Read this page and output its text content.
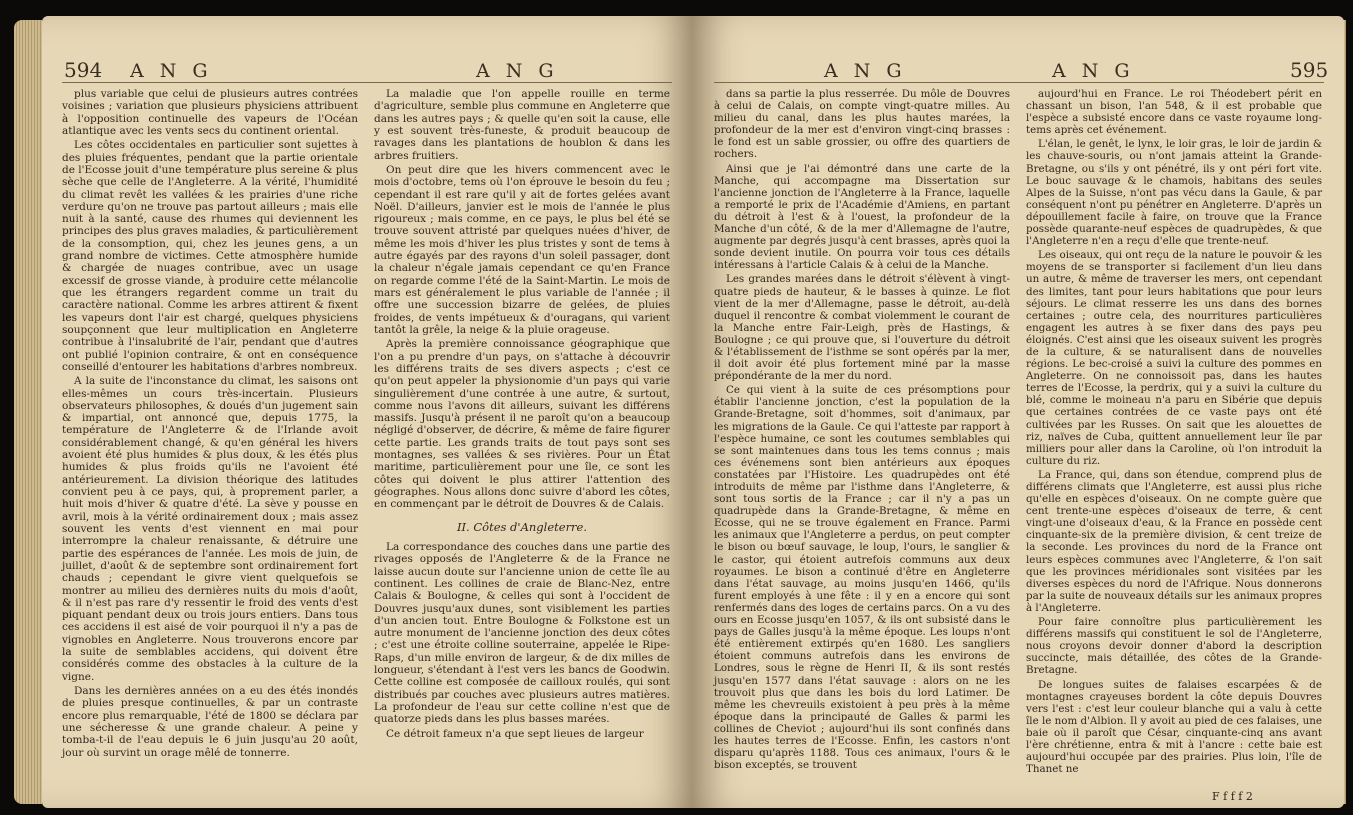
594 A N G	A N G

plus variable que celui de plusieurs autres contrées voisines ; variation que plusieurs physiciens attribuent à l'opposition continuelle des vapeurs de l'Océan atlantique avec les vents secs du continent oriental.

Les côtes occidentales en particulier sont sujettes à des pluies fréquentes, pendant que la partie orientale de l'Ecosse jouit d'une température plus sereine & plus sèche que celle de l'Angleterre. A la vérité, l'humidité du climat revêt les vallées & les prairies d'une riche verdure qu'on ne trouve pas partout ailleurs ; mais elle nuit à la santé, cause des rhumes qui deviennent les principes des plus graves maladies, & particulièrement de la consomption, qui, chez les jeunes gens, a un grand nombre de victimes. Cette atmosphère humide & chargée de nuages contribue, avec un usage excessif de grosse viande, à produire cette mélancolie que les étrangers regardent comme un trait du caractère national. Comme les arbres attirent & fixent les vapeurs dont l'air est chargé, quelques physiciens soupçonnent que leur multiplication en Angleterre contribue à l'insalubrité de l'air, pendant que d'autres ont publié l'opinion contraire, & ont en conséquence conseillé d'entourer les habitations d'arbres nombreux.

A la suite de l'inconstance du climat, les saisons ont elles-mêmes un cours très-incertain. Plusieurs observateurs philosophes, & doués d'un jugement sain & impartial, ont annoncé que, depuis 1775, la température de l'Angleterre & de l'Irlande avoit considérablement changé, & qu'en général les hivers avoient été plus humides & plus doux, & les étés plus humides & plus froids qu'ils ne l'avoient été antérieurement. La division théorique des latitudes convient peu à ce pays, qui, à proprement parler, a huit mois d'hiver & quatre d'été. La sève y pousse en avril, mois à la vérité ordinairement doux ; mais assez souvent les vents d'est viennent en mai pour interrompre la chaleur renaissante, & détruire une partie des espérances de l'année. Les mois de juin, de juillet, d'août & de septembre sont ordinairement fort chauds ; cependant le givre vient quelquefois se montrer au milieu des dernières nuits du mois d'août, & il n'est pas rare d'y ressentir le froid des vents d'est piquant pendant deux ou trois jours entiers. Dans tous ces accidens il est aisé de voir pourquoi il n'y a pas de vignobles en Angleterre. Nous trouverons encore par la suite de semblables accidens, qui doivent être considérés comme des obstacles à la culture de la vigne.

Dans les dernières années on a eu des étés inondés de pluies presque continuelles, & par un contraste encore plus remarquable, l'été de 1800 se déclara par une sécheresse & une grande chaleur. A peine y tomba-t-il de l'eau depuis le 6 juin jusqu'au 20 août, jour où survint un orage mêlé de tonnerre.

La maladie que l'on appelle rouille en terme d'agriculture, semble plus commune en Angleterre que dans les autres pays ; & quelle qu'en soit la cause, elle y est souvent très-funeste, & produit beaucoup de ravages dans les plantations de houblon & dans les arbres fruitiers.

On peut dire que les hivers commencent avec le mois d'octobre, tems où l'on éprouve le besoin du feu ; cependant il est rare qu'il y ait de fortes gelées avant Noël. D'ailleurs, janvier est le mois de l'année le plus rigoureux ; mais comme, en ce pays, le plus bel été se trouve souvent attristé par quelques nuées d'hiver, de même les mois d'hiver les plus tristes y sont de tems à autre égayés par des rayons d'un soleil passager, dont la chaleur n'égale jamais cependant ce qu'en France on regarde comme l'été de la Saint-Martin. Le mois de mars est généralement le plus variable de l'année ; il offre une succession bizarre de gelées, de pluies froides, de vents impétueux & d'ouragans, qui varient tantôt la grêle, la neige & la pluie orageuse.

Après la première connoissance géographique que l'on a pu prendre d'un pays, on s'attache à découvrir les différens traits de ses divers aspects ; c'est ce qu'on peut appeler la physionomie d'un pays qui varie singulièrement d'une contrée à une autre, & surtout, comme nous l'avons dit ailleurs, suivant les différens massifs. Jusqu'à présent il ne paroît qu'on a beaucoup négligé d'observer, de décrire, & même de faire figurer cette partie. Les grands traits de tout pays sont ses montagnes, ses vallées & ses rivières. Pour un État maritime, particulièrement pour une île, ce sont les côtes qui doivent le plus attirer l'attention des géographes. Nous allons donc suivre d'abord les côtes, en commençant par le détroit de Douvres & de Calais.

II. Côtes d'Angleterre.

La correspondance des couches dans une partie des rivages opposés de l'Angleterre & de la France ne laisse aucun doute sur l'ancienne union de cette île au continent. Les collines de craie de Blanc-Nez, entre Calais & Boulogne, & celles qui sont à l'occident de Douvres jusqu'aux dunes, sont visiblement les parties d'un ancien tout. Entre Boulogne & Folkstone est un autre monument de l'ancienne jonction des deux côtes ; c'est une étroite colline souterraine, appelée le Ripe-Raps, d'un mille environ de largeur, & de dix milles de longueur, s'étendant à l'est vers les bancs de Goodwin. Cette colline est composée de cailloux roulés, qui sont distribués par couches avec plusieurs autres matières. La profondeur de l'eau sur cette colline n'est que de quatorze pieds dans les plus basses marées.

Ce détroit fameux n'a que sept lieues de largeur

A N G	A N G	595

dans sa partie la plus resserrée. Du môle de Douvres à celui de Calais, on compte vingt-quatre milles. Au milieu du canal, dans les plus hautes marées, la profondeur de la mer est d'environ vingt-cinq brasses : le fond est un sable grossier, ou offre des quartiers de rochers.

Ainsi que je l'ai démontré dans une carte de la Manche, qui accompagne ma Dissertation sur l'ancienne jonction de l'Angleterre à la France, laquelle a remporté le prix de l'Académie d'Amiens, en partant du détroit à l'est & à l'ouest, la profondeur de la Manche d'un côté, & de la mer d'Allemagne de l'autre, augmente par degrés jusqu'à cent brasses, après quoi la sonde devient inutile. On pourra voir tous ces détails intéressans à l'article Calais & à celui de la Manche.

Les grandes marées dans le détroit s'élèvent à vingt-quatre pieds de hauteur, & le basses à quinze. Le flot vient de la mer d'Allemagne, passe le détroit, au-delà duquel il rencontre & combat violemment le courant de la Manche entre Fair-Leigh, près de Hastings, & Boulogne ; ce qui prouve que, si l'ouverture du détroit & l'établissement de l'isthme se sont opérés par la mer, il doit avoir été plus fortement miné par la masse prépondérante de la mer du nord.

Ce qui vient à la suite de ces présomptions pour établir l'ancienne jonction, c'est la population de la Grande-Bretagne, soit d'hommes, soit d'animaux, par les migrations de la Gaule. Ce qui l'atteste par rapport à l'espèce humaine, ce sont les coutumes semblables qui se sont maintenues dans tous les tems connus ; mais ces événemens sont bien antérieurs aux époques constatées par l'Histoire. Les quadrupèdes ont été introduits de même par l'isthme dans l'Angleterre, & sont tous sortis de la France ; car il n'y a pas un quadrupède dans la Grande-Bretagne, & même en Ecosse, qui ne se trouve également en France. Parmi les animaux que l'Angleterre a perdus, on peut compter le bison ou bœuf sauvage, le loup, l'ours, le sanglier & le castor, qui étoient autrefois communs aux deux royaumes. Le bison a continué d'être en Angleterre dans l'état sauvage, au moins jusqu'en 1466, qu'ils furent employés à une fête : il y en a encore qui sont renfermés dans des loges de certains parcs. On a vu des ours en Ecosse jusqu'en 1057, & ils ont subsisté dans le pays de Galles jusqu'à la même époque. Les loups n'ont été entièrement extirpés qu'en 1680. Les sangliers étoient communs autrefois dans les environs de Londres, sous le règne de Henri II, & ils sont restés jusqu'en 1577 dans l'état sauvage : alors on ne les trouvoit plus que dans les bois du lord Latimer. De même les chevreuils existoient à peu près à la même époque dans la principauté de Galles & parmi les collines de Cheviot ; aujourd'hui ils sont confinés dans les hautes terres de l'Ecosse. Enfin, les castors n'ont disparu qu'après 1188. Tous ces animaux, l'ours & le bison exceptés, se trouvent

aujourd'hui en France. Le roi Théodebert périt en chassant un bison, l'an 548, & il est probable que l'espèce a subsisté encore dans ce vaste royaume long-tems après cet événement.

L'élan, le genêt, le lynx, le loir gras, le loir de jardin & les chauve-souris, ou n'ont jamais atteint la Grande-Bretagne, ou s'ils y ont pénétré, ils y ont péri fort vite. Le bouc sauvage & le chamois, habitans des seules Alpes de la Suisse, n'ont pas vécu dans la Gaule, & par conséquent n'ont pu pénétrer en Angleterre. D'après un dépouillement facile à faire, on trouve que la France possède quarante-neuf espèces de quadrupèdes, & que l'Angleterre n'en a reçu d'elle que trente-neuf.

Les oiseaux, qui ont reçu de la nature le pouvoir & les moyens de se transporter si facilement d'un lieu dans un autre, & même de traverser les mers, ont cependant des limites, tant pour leurs habitations que pour leurs séjours. Le climat resserre les uns dans des bornes certaines ; outre cela, des nourritures particulières engagent les autres à se fixer dans des pays peu éloignés. C'est ainsi que les oiseaux suivent les progrès de la culture, & se naturalisent dans de nouvelles régions. Le bec-croisé a suivi la culture des pommes en Angleterre. On ne connoissoit pas, dans les hautes terres de l'Ecosse, la perdrix, qui y a suivi la culture du blé, comme le moineau n'a paru en Sibérie que depuis que certaines contrées de ce vaste pays ont été cultivées par les Russes. On sait que les alouettes de riz, naïves de Cuba, quittent annuellement leur île par milliers pour aller dans la Caroline, où l'on introduit la culture du riz.

La France, qui, dans son étendue, comprend plus de différens climats que l'Angleterre, est aussi plus riche qu'elle en espèces d'oiseaux. On ne compte guère que cent trente-une espèces d'oiseaux de terre, & cent vingt-une d'oiseaux d'eau, & la France en possède cent cinquante-six de la première division, & cent treize de la seconde. Les provinces du nord de la France ont leurs espèces communes avec l'Angleterre, & l'on sait que les provinces méridionales sont visitées par les diverses espèces du nord de l'Afrique. Nous donnerons par la suite de nouveaux détails sur les animaux propres à l'Angleterre.

Pour faire connoître plus particulièrement les différens massifs qui constituent le sol de l'Angleterre, nous croyons devoir donner d'abord la description succincte, mais détaillée, des côtes de la Grande-Bretagne.

De longues suites de falaises escarpées & de montagnes crayeuses bordent la côte depuis Douvres vers l'est : c'est leur couleur blanche qui a valu à cette île le nom d'Albion. Il y avoit au pied de ces falaises, une baie où il paroît que César, cinquante-cinq ans avant l'ère chrétienne, entra & mit à l'ancre : cette baie est aujourd'hui occupée par des prairies. Plus loin, l'île de Thanet ne

F f f f 2
